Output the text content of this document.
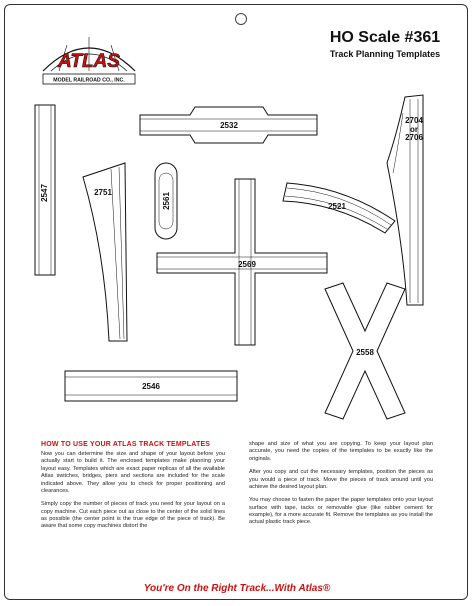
ATLAS
MODEL RAILROAD CO., INC.
HO Scale #361
Track Planning Templates
2547
2532
2704
or
2706
2751	2561	2521
2569
2558
2546
HOW TO USE YOUR ATLAS TRACK TEMPLATES

Now you can determine the size and shape of your layout before you actually start to build it. The enclosed templates make planning your layout easy. Templates which are exact paper replicas of all the available Atlas switches, bridges, piers and sections are included for the scale indicated above. They allow you to check for proper positioning and clearances.

Simply copy the number of pieces of track you need for your layout on a copy machine. Cut each piece out as close to the center of the solid lines as possible (the center point is the true edge of the piece of track). Be aware that some copy machines distort the

shape and size of what you are copying. To keep your layout plan accurate, you need the copies of the templates to be exactly like the originals.

After you copy and cut the necessary templates, position the pieces as you would a piece of track. Move the pieces of track around until you achieve the desired layout plan.

You may choose to fasten the paper the paper templates onto your layout surface with tape, tacks or removable glue (like rubber cement for example), for a more accurate fit. Remove the templates as you install the actual plastic track piece.

You're On the Right Track...With Atlas®
